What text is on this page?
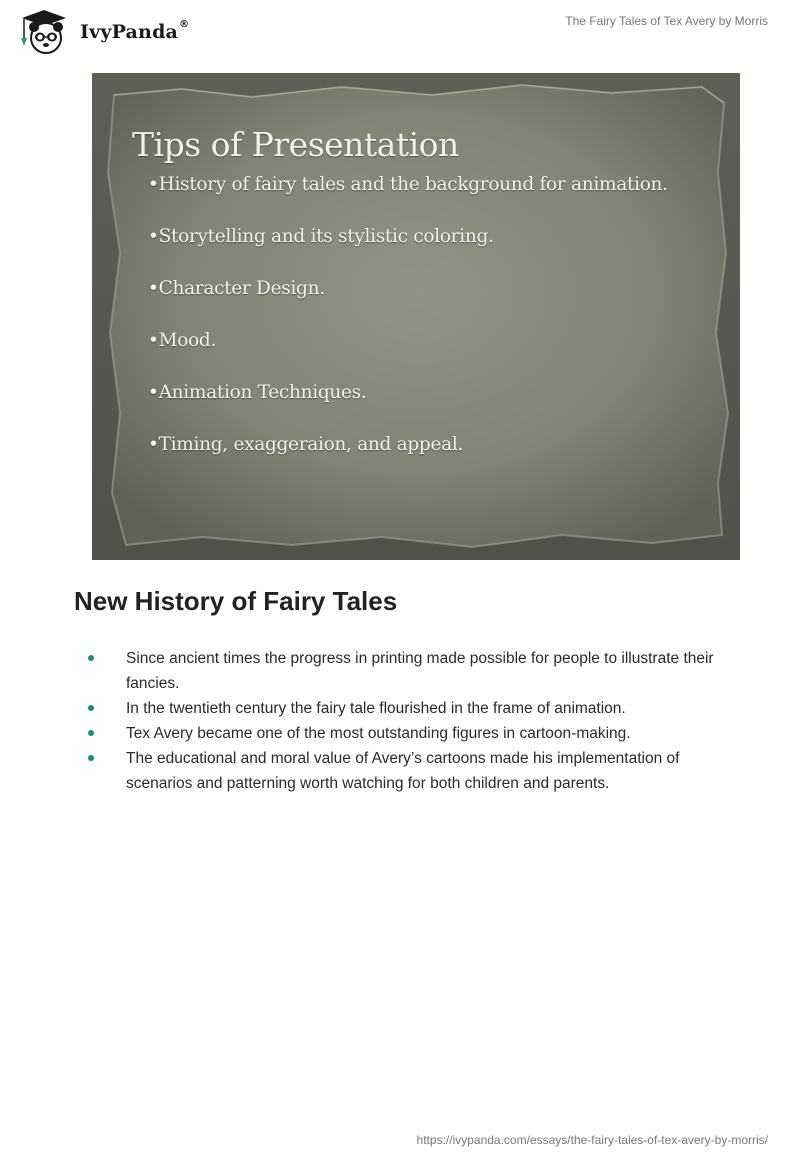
IvyPanda®	The Fairy Tales of Tex Avery by Morris
Tips of Presentation
•History of fairy tales and the background for animation.
•Storytelling and its stylistic coloring.
•Character Design.
•Mood.
•Animation Techniques.
•Timing, exaggeraion, and appeal.
New History of Fairy Tales
Since ancient times the progress in printing made possible for people to illustrate their fancies.
In the twentieth century the fairy tale flourished in the frame of animation.
Tex Avery became one of the most outstanding figures in cartoon-making.
The educational and moral value of Avery’s cartoons made his implementation of scenarios and patterning worth watching for both children and parents.
https://ivypanda.com/essays/the-fairy-tales-of-tex-avery-by-morris/
